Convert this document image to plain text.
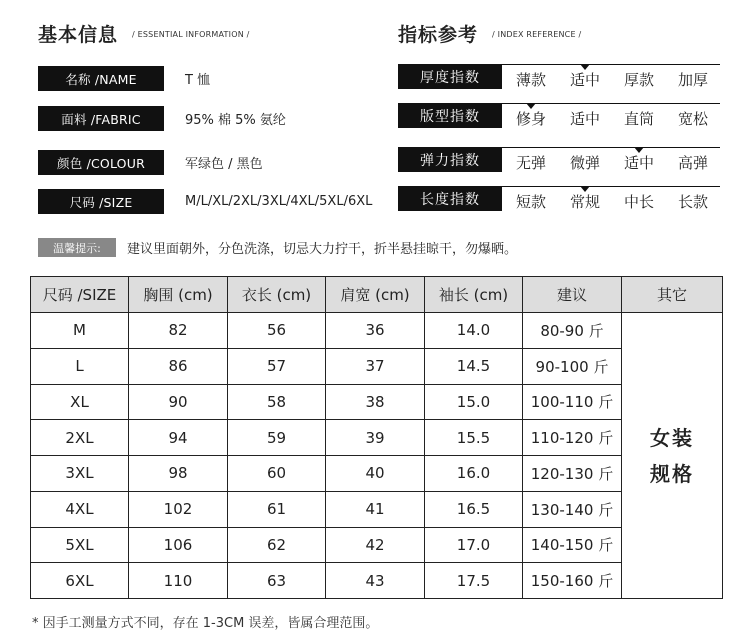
基本信息 / ESSENTIAL INFORMATION /	指标参考 / INDEX REFERENCE /
名称 /NAME	T 恤
面料 /FABRIC	95% 棉 5% 氨纶
颜色 /COLOUR	军绿色 / 黑色
尺码 /SIZE	M/L/XL/2XL/3XL/4XL/5XL/6XL
厚度指数	薄款	适中	厚款	加厚
版型指数	修身	适中	直筒	宽松
弹力指数	无弹	微弹	适中	高弹
长度指数	短款	常规	中长	长款
温馨提示:	建议里面朝外，分色洗涤，切忌大力拧干，折半悬挂晾干，勿爆晒。
尺码 /SIZE	胸围 (cm)	衣长 (cm)	肩宽 (cm)	袖长 (cm)	建议	其它
M	82	56	36	14.0	80-90 斤	女装
规格
L	86	57	37	14.5	90-100 斤	
XL	90	58	38	15.0	100-110 斤	
2XL	94	59	39	15.5	110-120 斤	
3XL	98	60	40	16.0	120-130 斤	
4XL	102	61	41	16.5	130-140 斤	
5XL	106	62	42	17.0	140-150 斤	
6XL	110	63	43	17.5	150-160 斤	
* 因手工测量方式不同，存在 1-3CM 误差，皆属合理范围。
